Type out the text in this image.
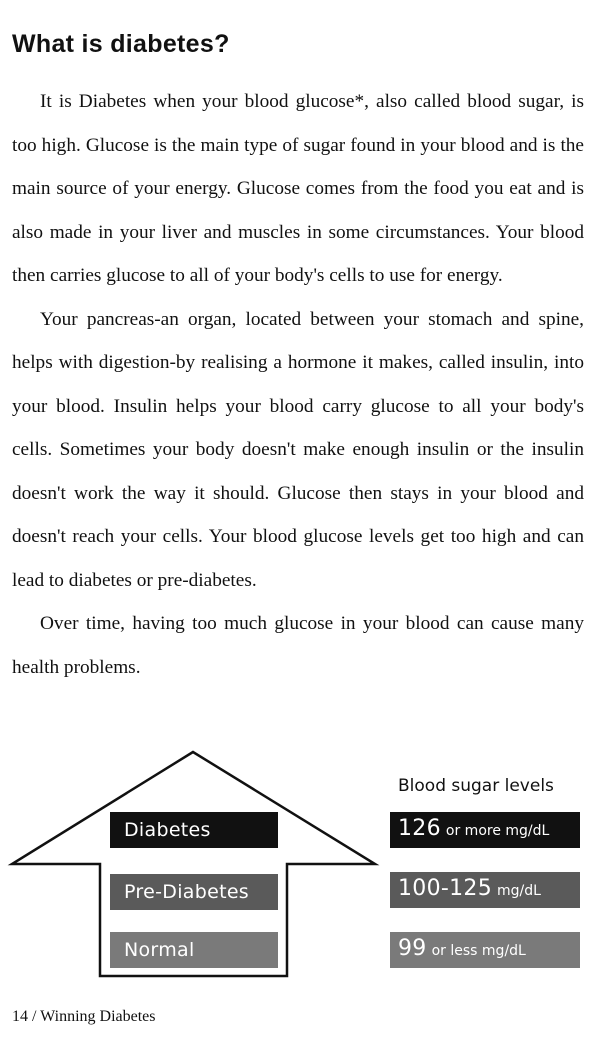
What is diabetes?

It is Diabetes when your blood glucose*, also called blood sugar, is too high. Glucose is the main type of sugar found in your blood and is the main source of your energy. Glucose comes from the food you eat and is also made in your liver and muscles in some circumstances. Your blood then carries glucose to all of your body's cells to use for energy.

Your pancreas-an organ, located between your stomach and spine, helps with digestion-by realising a hormone it makes, called insulin, into your blood. Insulin helps your blood carry glucose to all your body's cells. Sometimes your body doesn't make enough insulin or the insulin doesn't work the way it should. Glucose then stays in your blood and doesn't reach your cells. Your blood glucose levels get too high and can lead to diabetes or pre-diabetes.

Over time, having too much glucose in your blood can cause many health problems.

Blood sugar levels
Diabetes
Pre-Diabetes
Normal
126 or more mg/dL
100-125 mg/dL
99 or less mg/dL
14 / Winning Diabetes
